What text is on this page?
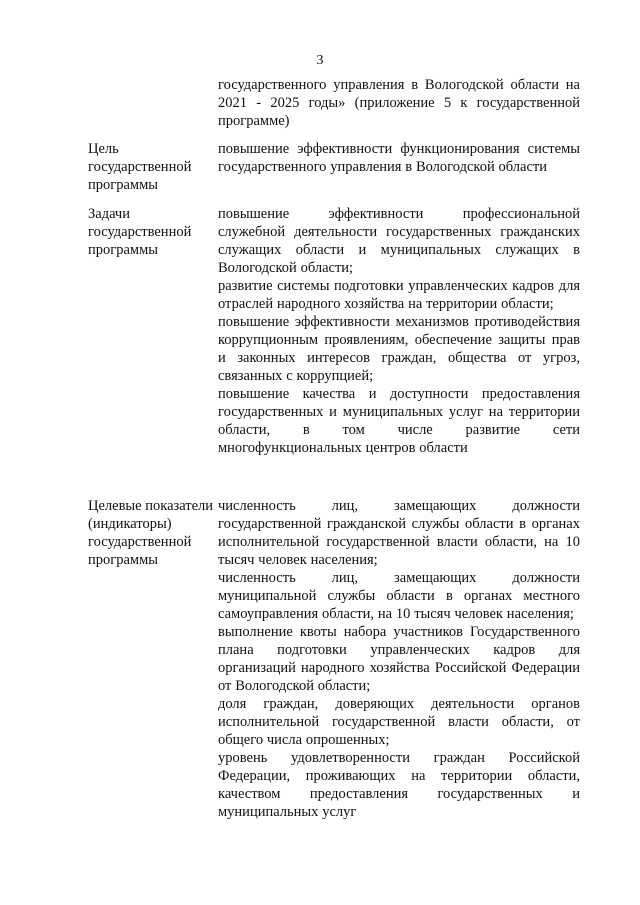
3

государственного управления в Вологодской области на 2021 - 2025 годы» (приложение 5 к государственной программе)

Цель государственной программы

повышение эффективности функционирования системы государственного управления в Вологодской области

Задачи государственной программы

повышение эффективности профессиональной служебной деятельности государственных гражданских служащих области и муниципальных служащих в Вологодской области;

развитие системы подготовки управленческих кадров для отраслей народного хозяйства на территории области;

повышение эффективности механизмов противодействия коррупционным проявлениям, обеспечение защиты прав и законных интересов граждан, общества от угроз, связанных с коррупцией;

повышение качества и доступности предоставления государственных и муниципальных услуг на территории области, в том числе развитие сети многофункциональных центров области

Целевые показатели (индикаторы) государственной программы

численность лиц, замещающих должности государственной гражданской службы области в органах исполнительной государственной власти области, на 10 тысяч человек населения;

численность лиц, замещающих должности муниципальной службы области в органах местного самоуправления области, на 10 тысяч человек населения;

выполнение квоты набора участников Государственного плана подготовки управленческих кадров для организаций народного хозяйства Российской Федерации от Вологодской области;

доля граждан, доверяющих деятельности органов исполнительной государственной власти области, от общего числа опрошенных;

уровень удовлетворенности граждан Российской Федерации, проживающих на территории области, качеством предоставления государственных и муниципальных услуг
